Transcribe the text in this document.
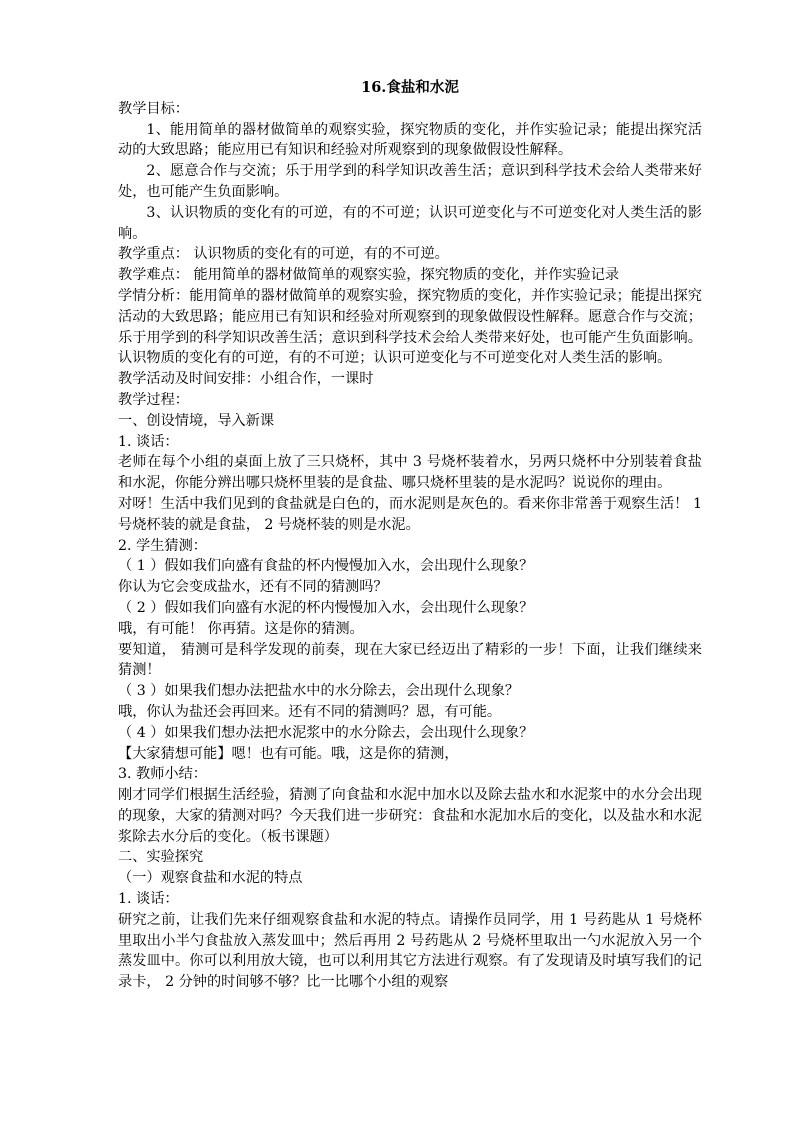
16.食盐和水泥

教学目标：

1、能用简单的器材做简单的观察实验，探究物质的变化，并作实验记录；能提出探究活动的大致思路；能应用已有知识和经验对所观察到的现象做假设性解释。

2、愿意合作与交流；乐于用学到的科学知识改善生活；意识到科学技术会给人类带来好处，也可能产生负面影响。

3、认识物质的变化有的可逆，有的不可逆；认识可逆变化与不可逆变化对人类生活的影响。

教学重点： 认识物质的变化有的可逆，有的不可逆。

教学难点： 能用简单的器材做简单的观察实验，探究物质的变化，并作实验记录

学情分析：能用简单的器材做简单的观察实验，探究物质的变化，并作实验记录；能提出探究活动的大致思路；能应用已有知识和经验对所观察到的现象做假设性解释。愿意合作与交流；乐于用学到的科学知识改善生活；意识到科学技术会给人类带来好处，也可能产生负面影响。认识物质的变化有的可逆，有的不可逆；认识可逆变化与不可逆变化对人类生活的影响。

教学活动及时间安排：小组合作，一课时

教学过程：

一、创设情境，导入新课

1. 谈话：

老师在每个小组的桌面上放了三只烧杯，其中 3 号烧杯装着水，另两只烧杯中分别装着食盐和水泥，你能分辨出哪只烧杯里装的是食盐、哪只烧杯里装的是水泥吗？说说你的理由。

对呀！生活中我们见到的食盐就是白色的，而水泥则是灰色的。看来你非常善于观察生活！ 1 号烧杯装的就是食盐， 2 号烧杯装的则是水泥。

2. 学生猜测：

（ 1 ）假如我们向盛有食盐的杯内慢慢加入水，会出现什么现象？

你认为它会变成盐水，还有不同的猜测吗？

（ 2 ）假如我们向盛有水泥的杯内慢慢加入水，会出现什么现象？

哦，有可能！ 你再猜。这是你的猜测。

要知道， 猜测可是科学发现的前奏，现在大家已经迈出了精彩的一步！下面，让我们继续来猜测！

（ 3 ）如果我们想办法把盐水中的水分除去，会出现什么现象？

哦，你认为盐还会再回来。还有不同的猜测吗？恩，有可能。

（ 4 ）如果我们想办法把水泥浆中的水分除去，会出现什么现象？

【大家猜想可能】嗯！也有可能。哦，这是你的猜测，

3. 教师小结：

刚才同学们根据生活经验，猜测了向食盐和水泥中加水以及除去盐水和水泥浆中的水分会出现的现象，大家的猜测对吗？今天我们进一步研究：食盐和水泥加水后的变化，以及盐水和水泥浆除去水分后的变化。（板书课题）

二、实验探究

（一）观察食盐和水泥的特点

1. 谈话：

研究之前，让我们先来仔细观察食盐和水泥的特点。请操作员同学，用 1 号药匙从 1 号烧杯里取出小半勺食盐放入蒸发皿中；然后再用 2 号药匙从 2 号烧杯里取出一勺水泥放入另一个蒸发皿中。你可以利用放大镜，也可以利用其它方法进行观察。有了发现请及时填写我们的记录卡， 2 分钟的时间够不够？比一比哪个小组的观察
